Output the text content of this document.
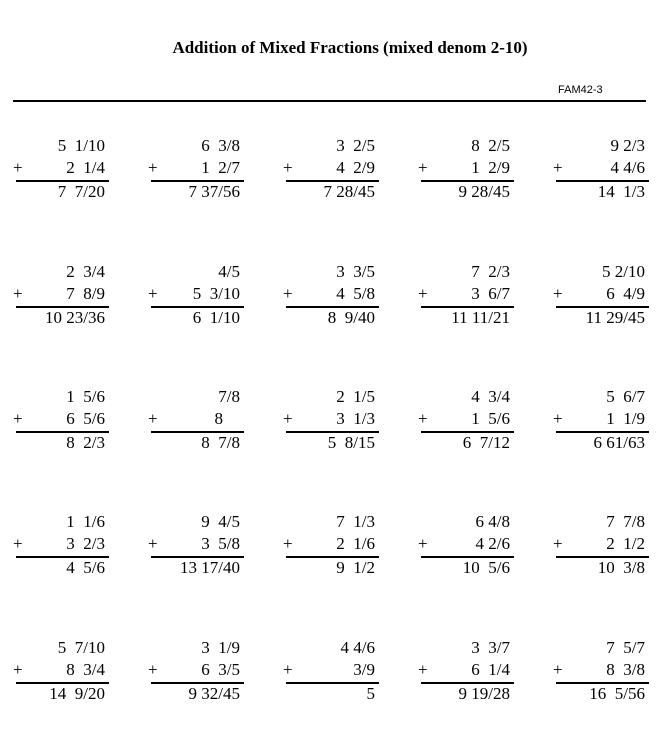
Addition of Mixed Fractions (mixed denom 2-10)
FAM42-3
5  1/10
+	2  1/4
7  7/20
6  3/8
+	1  2/7
7 37/56
3  2/5
+	4  2/9
7 28/45
8  2/5
+	1  2/9
9 28/45
9 2/3
+	4 4/6
14  1/3
2  3/4
+	7  8/9
10 23/36
4/5
+ 5  3/10
6  1/10
3  3/5
+	4  5/8
8  9/40
7  2/3
+	3  6/7
11 11/21
5 2/10
+	6  4/9
11 29/45
1  5/6
+	6  5/6
8  2/3
7/8
+	8
8  7/8
2  1/5
+	3  1/3
5  8/15
4  3/4
+	1  5/6
6  7/12
5  6/7
+	1  1/9
6 61/63
1  1/6
+	3  2/3
4  5/6
9  4/5
+	3  5/8
13 17/40
7  1/3
+	2  1/6
9  1/2
6 4/8
+	4 2/6
10  5/6
7  7/8
+	2  1/2
10  3/8
5  7/10
+	8  3/4
14  9/20
3  1/9
+	6  3/5
9 32/45
4 4/6
+	3/9
5
3  3/7
+	6  1/4
9 19/28
7  5/7
+	8  3/8
16  5/56
